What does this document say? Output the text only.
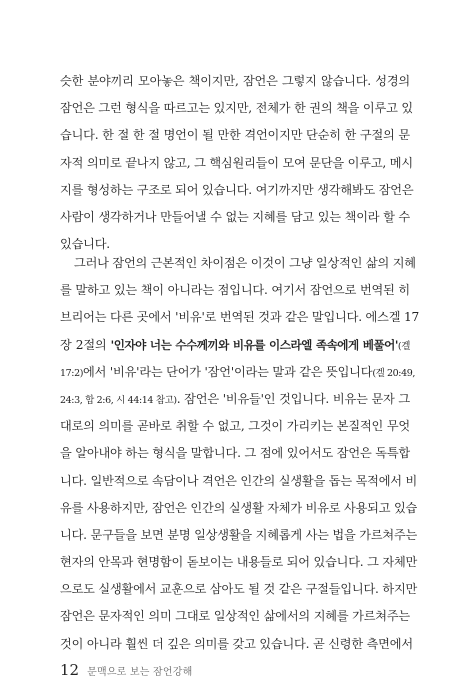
슷한 분야끼리 모아놓은 책이지만, 잠언은 그렇지 않습니다. 성경의
잠언은 그런 형식을 따르고는 있지만, 전체가 한 권의 책을 이루고 있
습니다. 한 절 한 절 명언이 될 만한 격언이지만 단순히 한 구절의 문
자적 의미로 끝나지 않고, 그 핵심원리들이 모여 문단을 이루고, 메시
지를 형성하는 구조로 되어 있습니다. 여기까지만 생각해봐도 잠언은
사람이 생각하거나 만들어낼 수 없는 지혜를 담고 있는 책이라 할 수
있습니다.
그러나 잠언의 근본적인 차이점은 이것이 그냥 일상적인 삶의 지혜
를 말하고 있는 책이 아니라는 점입니다. 여기서 잠언으로 번역된 히
브리어는 다른 곳에서 '비유'로 번역된 것과 같은 말입니다. 에스겔 17
장 2절의 '인자야 너는 수수께끼와 비유를 이스라엘 족속에게 베풀어'(겔
17:2)에서 '비유'라는 단어가 '잠언'이라는 말과 같은 뜻입니다(겔 20:49,
24:3, 합 2:6, 시 44:14 참고). 잠언은 '비유들'인 것입니다. 비유는 문자 그
대로의 의미를 곧바로 취할 수 없고, 그것이 가리키는 본질적인 무엇
을 알아내야 하는 형식을 말합니다. 그 점에 있어서도 잠언은 독특합
니다. 일반적으로 속담이나 격언은 인간의 실생활을 돕는 목적에서 비
유를 사용하지만, 잠언은 인간의 실생활 자체가 비유로 사용되고 있습
니다. 문구들을 보면 분명 일상생활을 지혜롭게 사는 법을 가르쳐주는
현자의 안목과 현명함이 돋보이는 내용들로 되어 있습니다. 그 자체만
으로도 실생활에서 교훈으로 삼아도 될 것 같은 구절들입니다. 하지만
잠언은 문자적인 의미 그대로 일상적인 삶에서의 지혜를 가르쳐주는
것이 아니라 훨씬 더 깊은 의미를 갖고 있습니다. 곧 신령한 측면에서
12 문맥으로 보는 잠언강해
